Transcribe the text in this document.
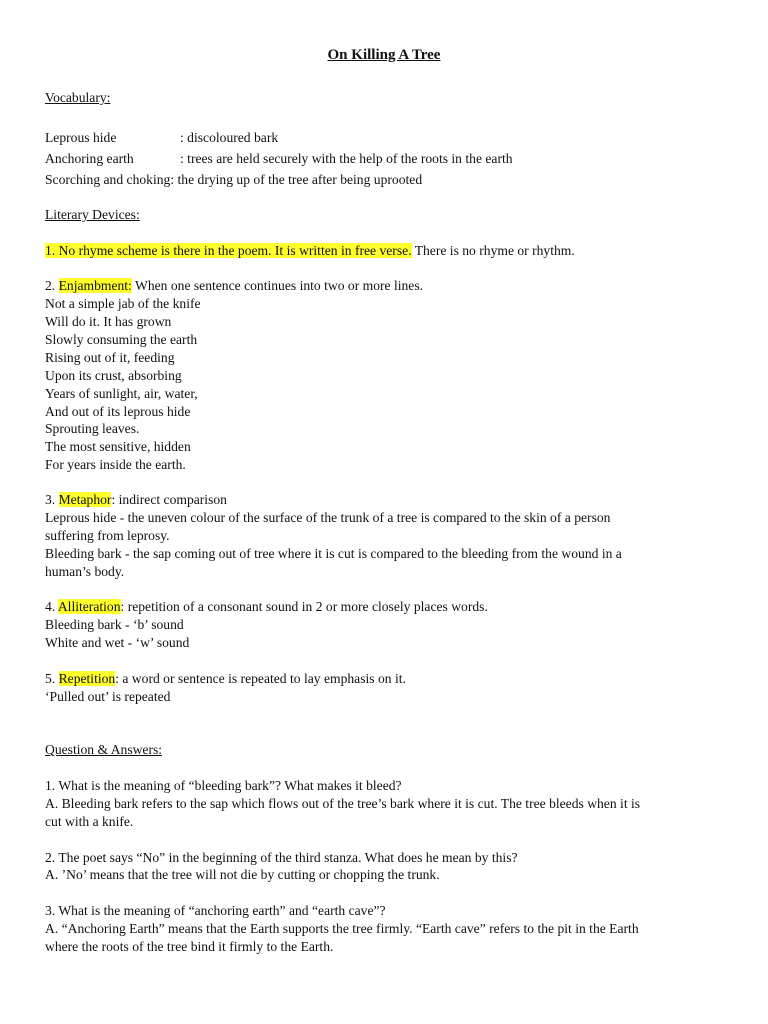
On Killing A Tree
Vocabulary:
Leprous hide	: discoloured bark
Anchoring earth	: trees are held securely with the help of the roots in the earth
Scorching and choking: the drying up of the tree after being uprooted
Literary Devices:
1. No rhyme scheme is there in the poem. It is written in free verse. There is no rhyme or rhythm.
2. Enjambment: When one sentence continues into two or more lines.
Not a simple jab of the knife
Will do it. It has grown
Slowly consuming the earth
Rising out of it, feeding
Upon its crust, absorbing
Years of sunlight, air, water,
And out of its leprous hide
Sprouting leaves.
The most sensitive, hidden
For years inside the earth.
3. Metaphor: indirect comparison
Leprous hide - the uneven colour of the surface of the trunk of a tree is compared to the skin of a person
suffering from leprosy.
Bleeding bark - the sap coming out of tree where it is cut is compared to the bleeding from the wound in a
human’s body.
4. Alliteration: repetition of a consonant sound in 2 or more closely places words.
Bleeding bark - ‘b’ sound
White and wet - ‘w’ sound
5. Repetition: a word or sentence is repeated to lay emphasis on it.
‘Pulled out’ is repeated
Question & Answers:
1. What is the meaning of “bleeding bark”? What makes it bleed?
A. Bleeding bark refers to the sap which flows out of the tree’s bark where it is cut. The tree bleeds when it is
cut with a knife.
2. The poet says “No” in the beginning of the third stanza. What does he mean by this?
A. ’No’ means that the tree will not die by cutting or chopping the trunk.
3. What is the meaning of “anchoring earth” and “earth cave”?
A. “Anchoring Earth” means that the Earth supports the tree firmly. “Earth cave” refers to the pit in the Earth
where the roots of the tree bind it firmly to the Earth.
